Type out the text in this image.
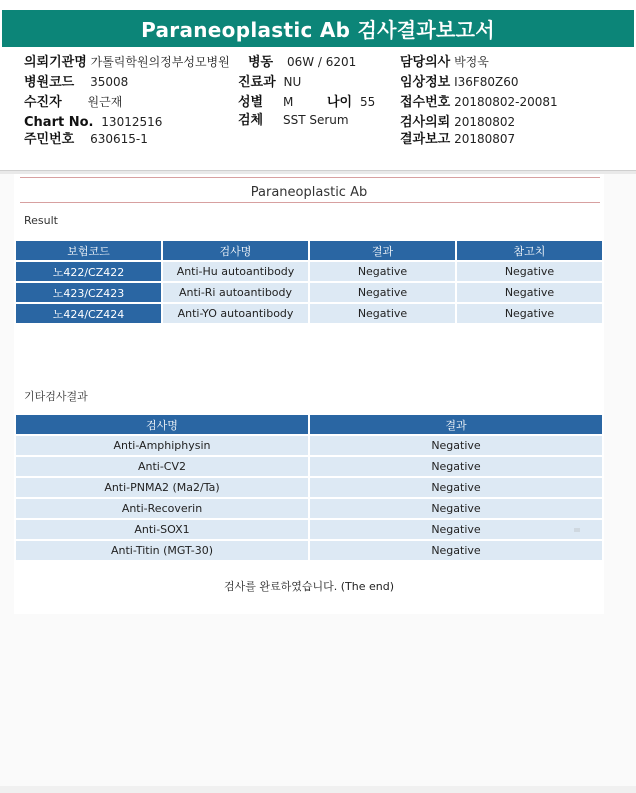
Paraneoplastic Ab 검사결과보고서
의뢰기관명 가톨릭학원의정부성모병원
병원코드 35008
수진자 원근재
Chart No. 13012516
주민번호 630615-1
병동 06W / 6201
진료과 NU
성별 M	나이 55
검체 SST Serum
담당의사 박정욱
임상정보 I36F80Z60
접수번호 20180802-20081
검사의뢰 20180802
결과보고 20180807
Paraneoplastic Ab
Result
보험코드	검사명	결과	참고치
노422/CZ422	Anti-Hu autoantibody	Negative	Negative
노423/CZ423	Anti-Ri autoantibody	Negative	Negative
노424/CZ424	Anti-YO autoantibody	Negative	Negative
기타검사결과
검사명	결과
Anti-Amphiphysin	Negative
Anti-CV2	Negative
Anti-PNMA2 (Ma2/Ta)	Negative
Anti-Recoverin	Negative
Anti-SOX1	Negative
Anti-Titin (MGT-30)	Negative
검사를 완료하였습니다. (The end)
